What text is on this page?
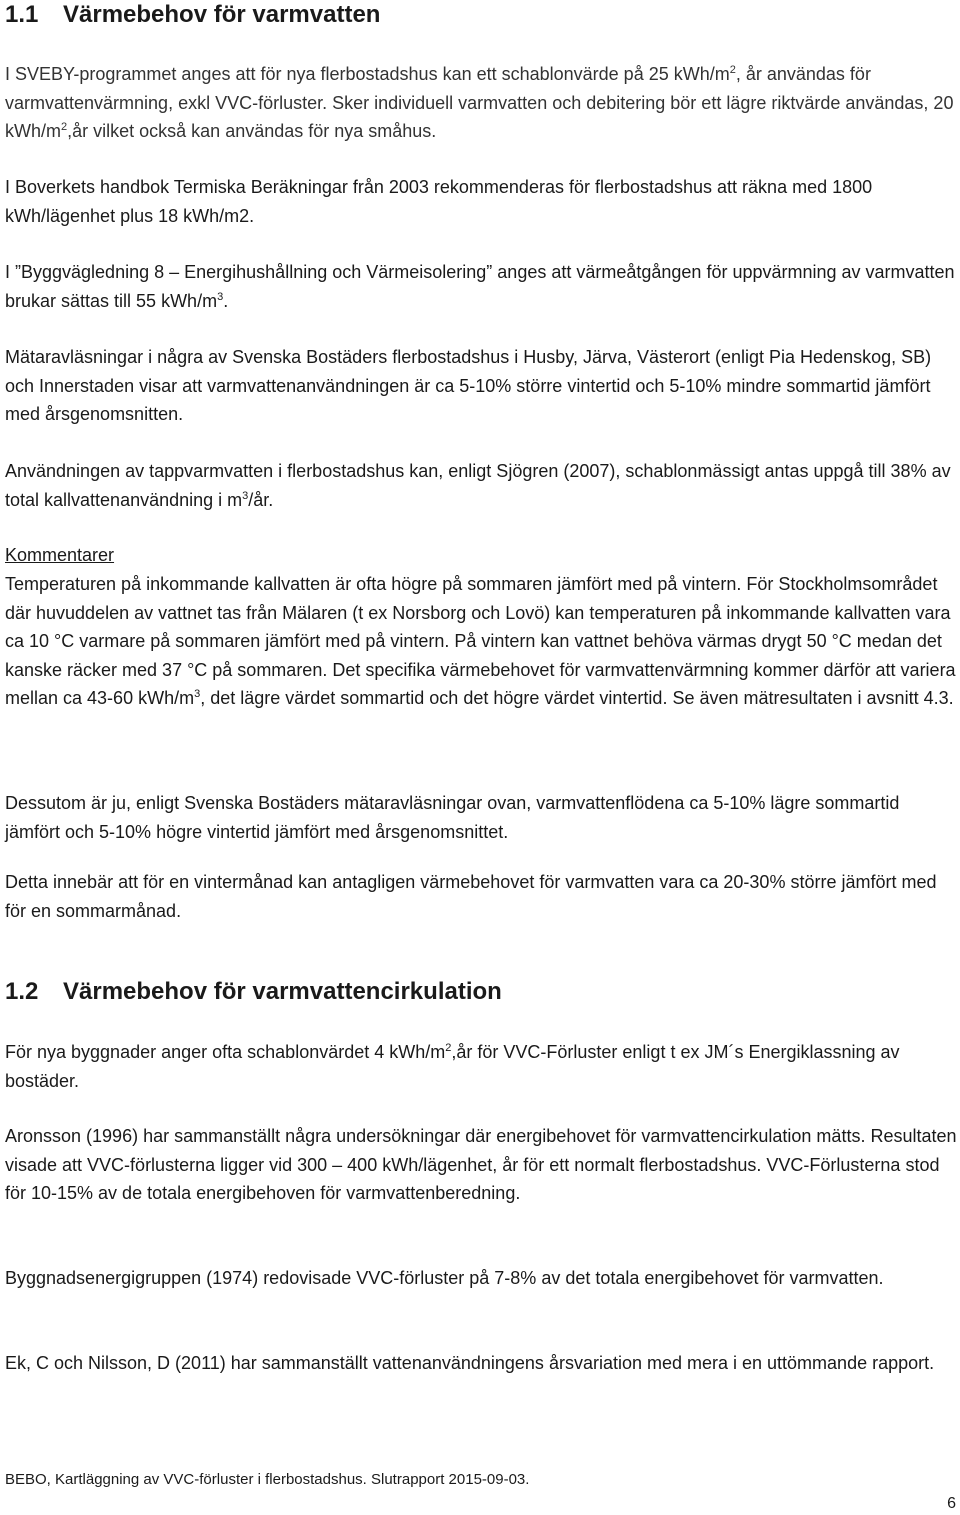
1.1 Värmebehov för varmvatten

I SVEBY-programmet anges att för nya flerbostadshus kan ett schablonvärde på 25 kWh/$m^2$, år användas för varmvattenvärmning, exkl VVC-förluster. Sker individuell varmvatten och debitering bör ett lägre riktvärde användas, 20 kWh/$m^2,år$ vilket också kan användas för nya småhus.

I Boverkets handbok Termiska Beräkningar från 2003 rekommenderas för flerbostadshus att räkna med 1800 kWh/lägenhet plus 18 kWh/m2.

I ”Byggvägledning 8 – Energihushållning och Värmeisolering” anges att värmeåtgången för uppvärmning av varmvatten brukar sättas till 55 kWh/$m^3$.

Mätaravläsningar i några av Svenska Bostäders flerbostadshus i Husby, Järva, Västerort (enligt Pia Hedenskog, SB) och Innerstaden visar att varmvattenanvändningen är ca 5-10% större vintertid och 5-10% mindre sommartid jämfört med årsgenomsnitten.

Användningen av tappvarmvatten i flerbostadshus kan, enligt Sjögren (2007), schablonmässigt antas uppgå till 38% av total kallvattenanvändning i $m^3/år$.

Kommentarer

Temperaturen på inkommande kallvatten är ofta högre på sommaren jämfört med på vintern. För Stockholmsområdet där huvuddelen av vattnet tas från Mälaren (t ex Norsborg och Lovö) kan temperaturen på inkommande kallvatten vara ca 10 °C varmare på sommaren jämfört med på vintern. På vintern kan vattnet behöva värmas drygt 50 °C medan det kanske räcker med 37 °C på sommaren. Det specifika värmebehovet för varmvattenvärmning kommer därför att variera mellan ca 43-60 kWh/$m^3$, det lägre värdet sommartid och det högre värdet vintertid. Se även mätresultaten i avsnitt 4.3.

Dessutom är ju, enligt Svenska Bostäders mätaravläsningar ovan, varmvattenflödena ca 5-10% lägre sommartid jämfört och 5-10% högre vintertid jämfört med årsgenomsnittet.

Detta innebär att för en vintermånad kan antagligen värmebehovet för varmvatten vara ca 20-30% större jämfört med för en sommarmånad.

1.2 Värmebehov för varmvattencirkulation

För nya byggnader anger ofta schablonvärdet 4 kWh/$m^2,år$ för VVC-Förluster enligt t ex JM´s Energiklassning av bostäder.

Aronsson (1996) har sammanställt några undersökningar där energibehovet för varmvattencirkulation mätts. Resultaten visade att VVC-förlusterna ligger vid 300 – 400 kWh/lägenhet, år för ett normalt flerbostadshus. VVC-Förlusterna stod för 10-15% av de totala energibehoven för varmvattenberedning.

Byggnadsenergigruppen (1974) redovisade VVC-förluster på 7-8% av det totala energibehovet för varmvatten.

Ek, C och Nilsson, D (2011) har sammanställt vattenanvändningens årsvariation med mera i en uttömmande rapport.

BEBO, Kartläggning av VVC-förluster i flerbostadshus. Slutrapport 2015-09-03.
6
